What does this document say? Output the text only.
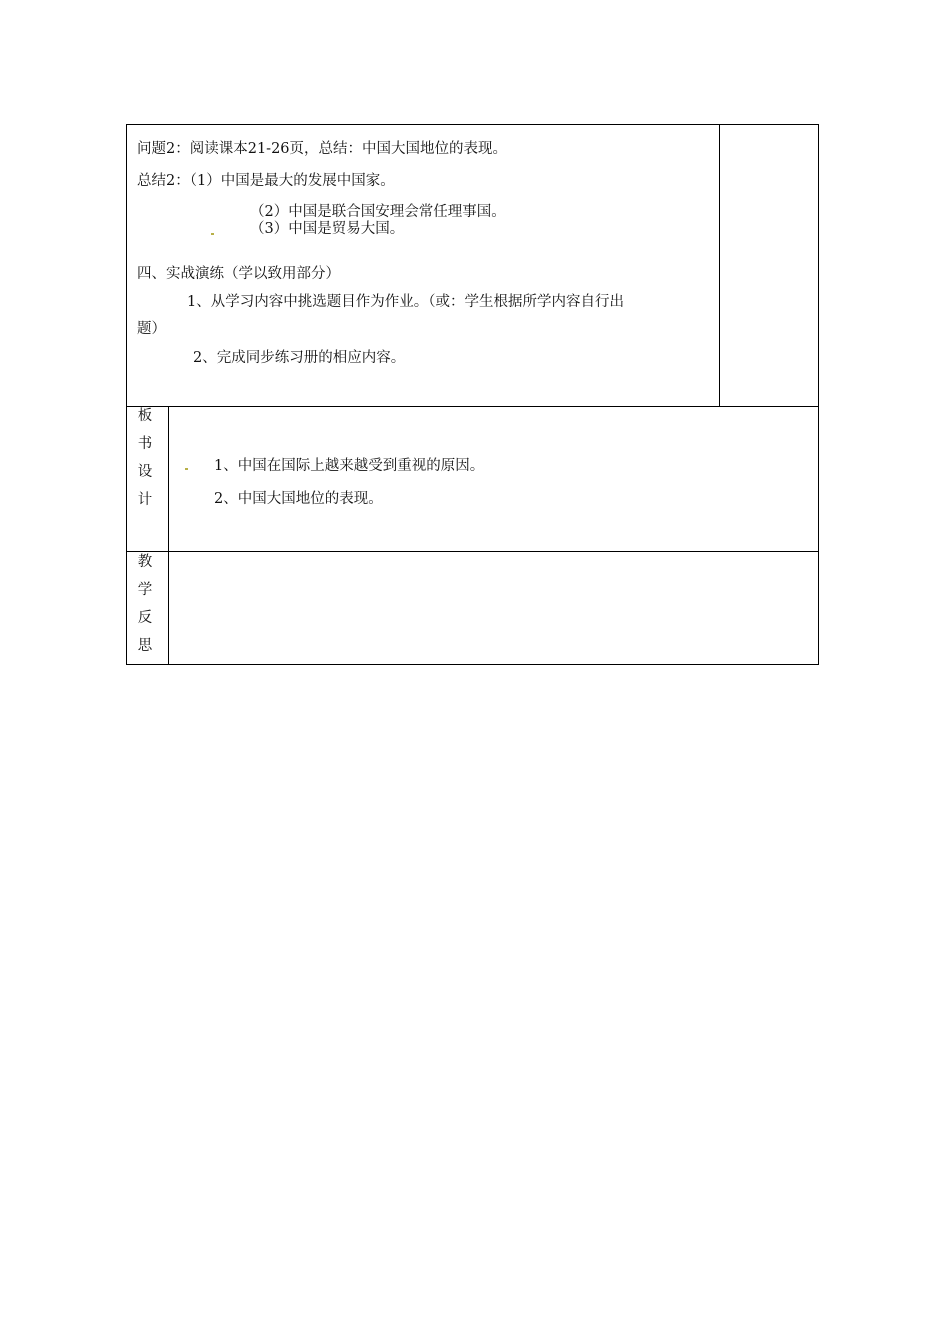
问题2：阅读课本21-26页，总结：中国大国地位的表现。
总结2：（1）中国是最大的发展中国家。
（2）中国是联合国安理会常任理事国。
（3）中国是贸易大国。
四、实战演练（学以致用部分）
1、从学习内容中挑选题目作为作业。（或：学生根据所学内容自行出
题）
2、完成同步练习册的相应内容。
板
书
设
计
1、中国在国际上越来越受到重视的原因。
2、中国大国地位的表现。
教
学
反
思
